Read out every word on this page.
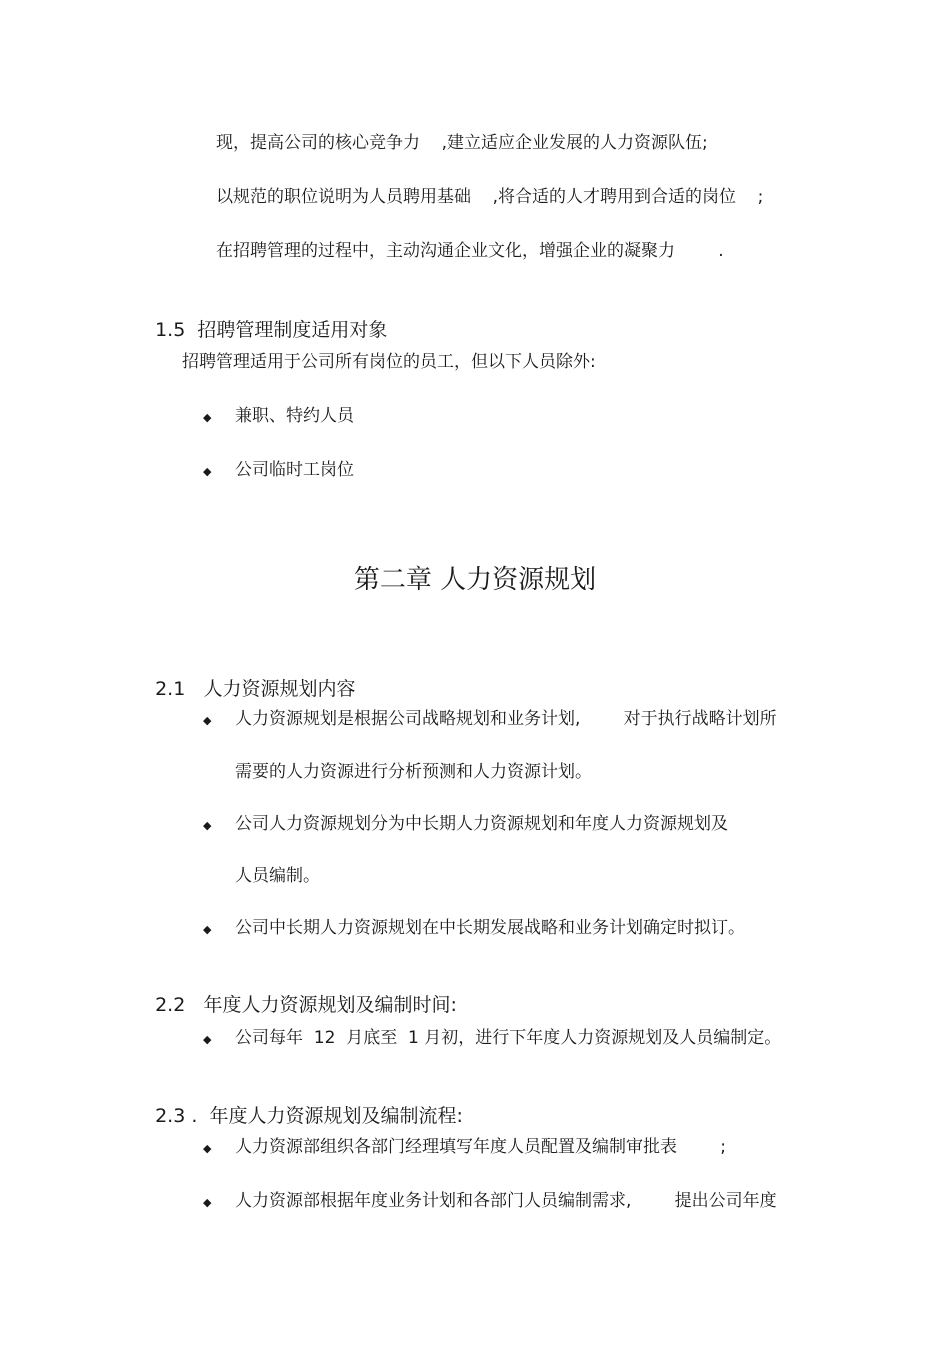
现，提高公司的核心竞争力    ,建立适应企业发展的人力资源队伍;
以规范的职位说明为人员聘用基础    ,将合适的人才聘用到合适的岗位    ;
在招聘管理的过程中，主动沟通企业文化，增强企业的凝聚力        .

1.5 招聘管理制度适用对象

招聘管理适用于公司所有岗位的员工，但以下人员除外:
◆ 兼职、特约人员
◆ 公司临时工岗位
第二章 人力资源规划

2.1 人力资源规划内容

◆ 人力资源规划是根据公司战略规划和业务计划,        对于执行战略计划所
需要的人力资源进行分析预测和人力资源计划。
◆ 公司人力资源规划分为中长期人力资源规划和年度人力资源规划及
人员编制。
◆ 公司中长期人力资源规划在中长期发展战略和业务计划确定时拟订。

2.2 年度人力资源规划及编制时间:

◆ 公司每年  12  月底至  1 月初，进行下年度人力资源规划及人员编制定。

2.3 . 年度人力资源规划及编制流程:

◆ 人力资源部组织各部门经理填写年度人员配置及编制审批表        ;
◆ 人力资源部根据年度业务计划和各部门人员编制需求,        提出公司年度
